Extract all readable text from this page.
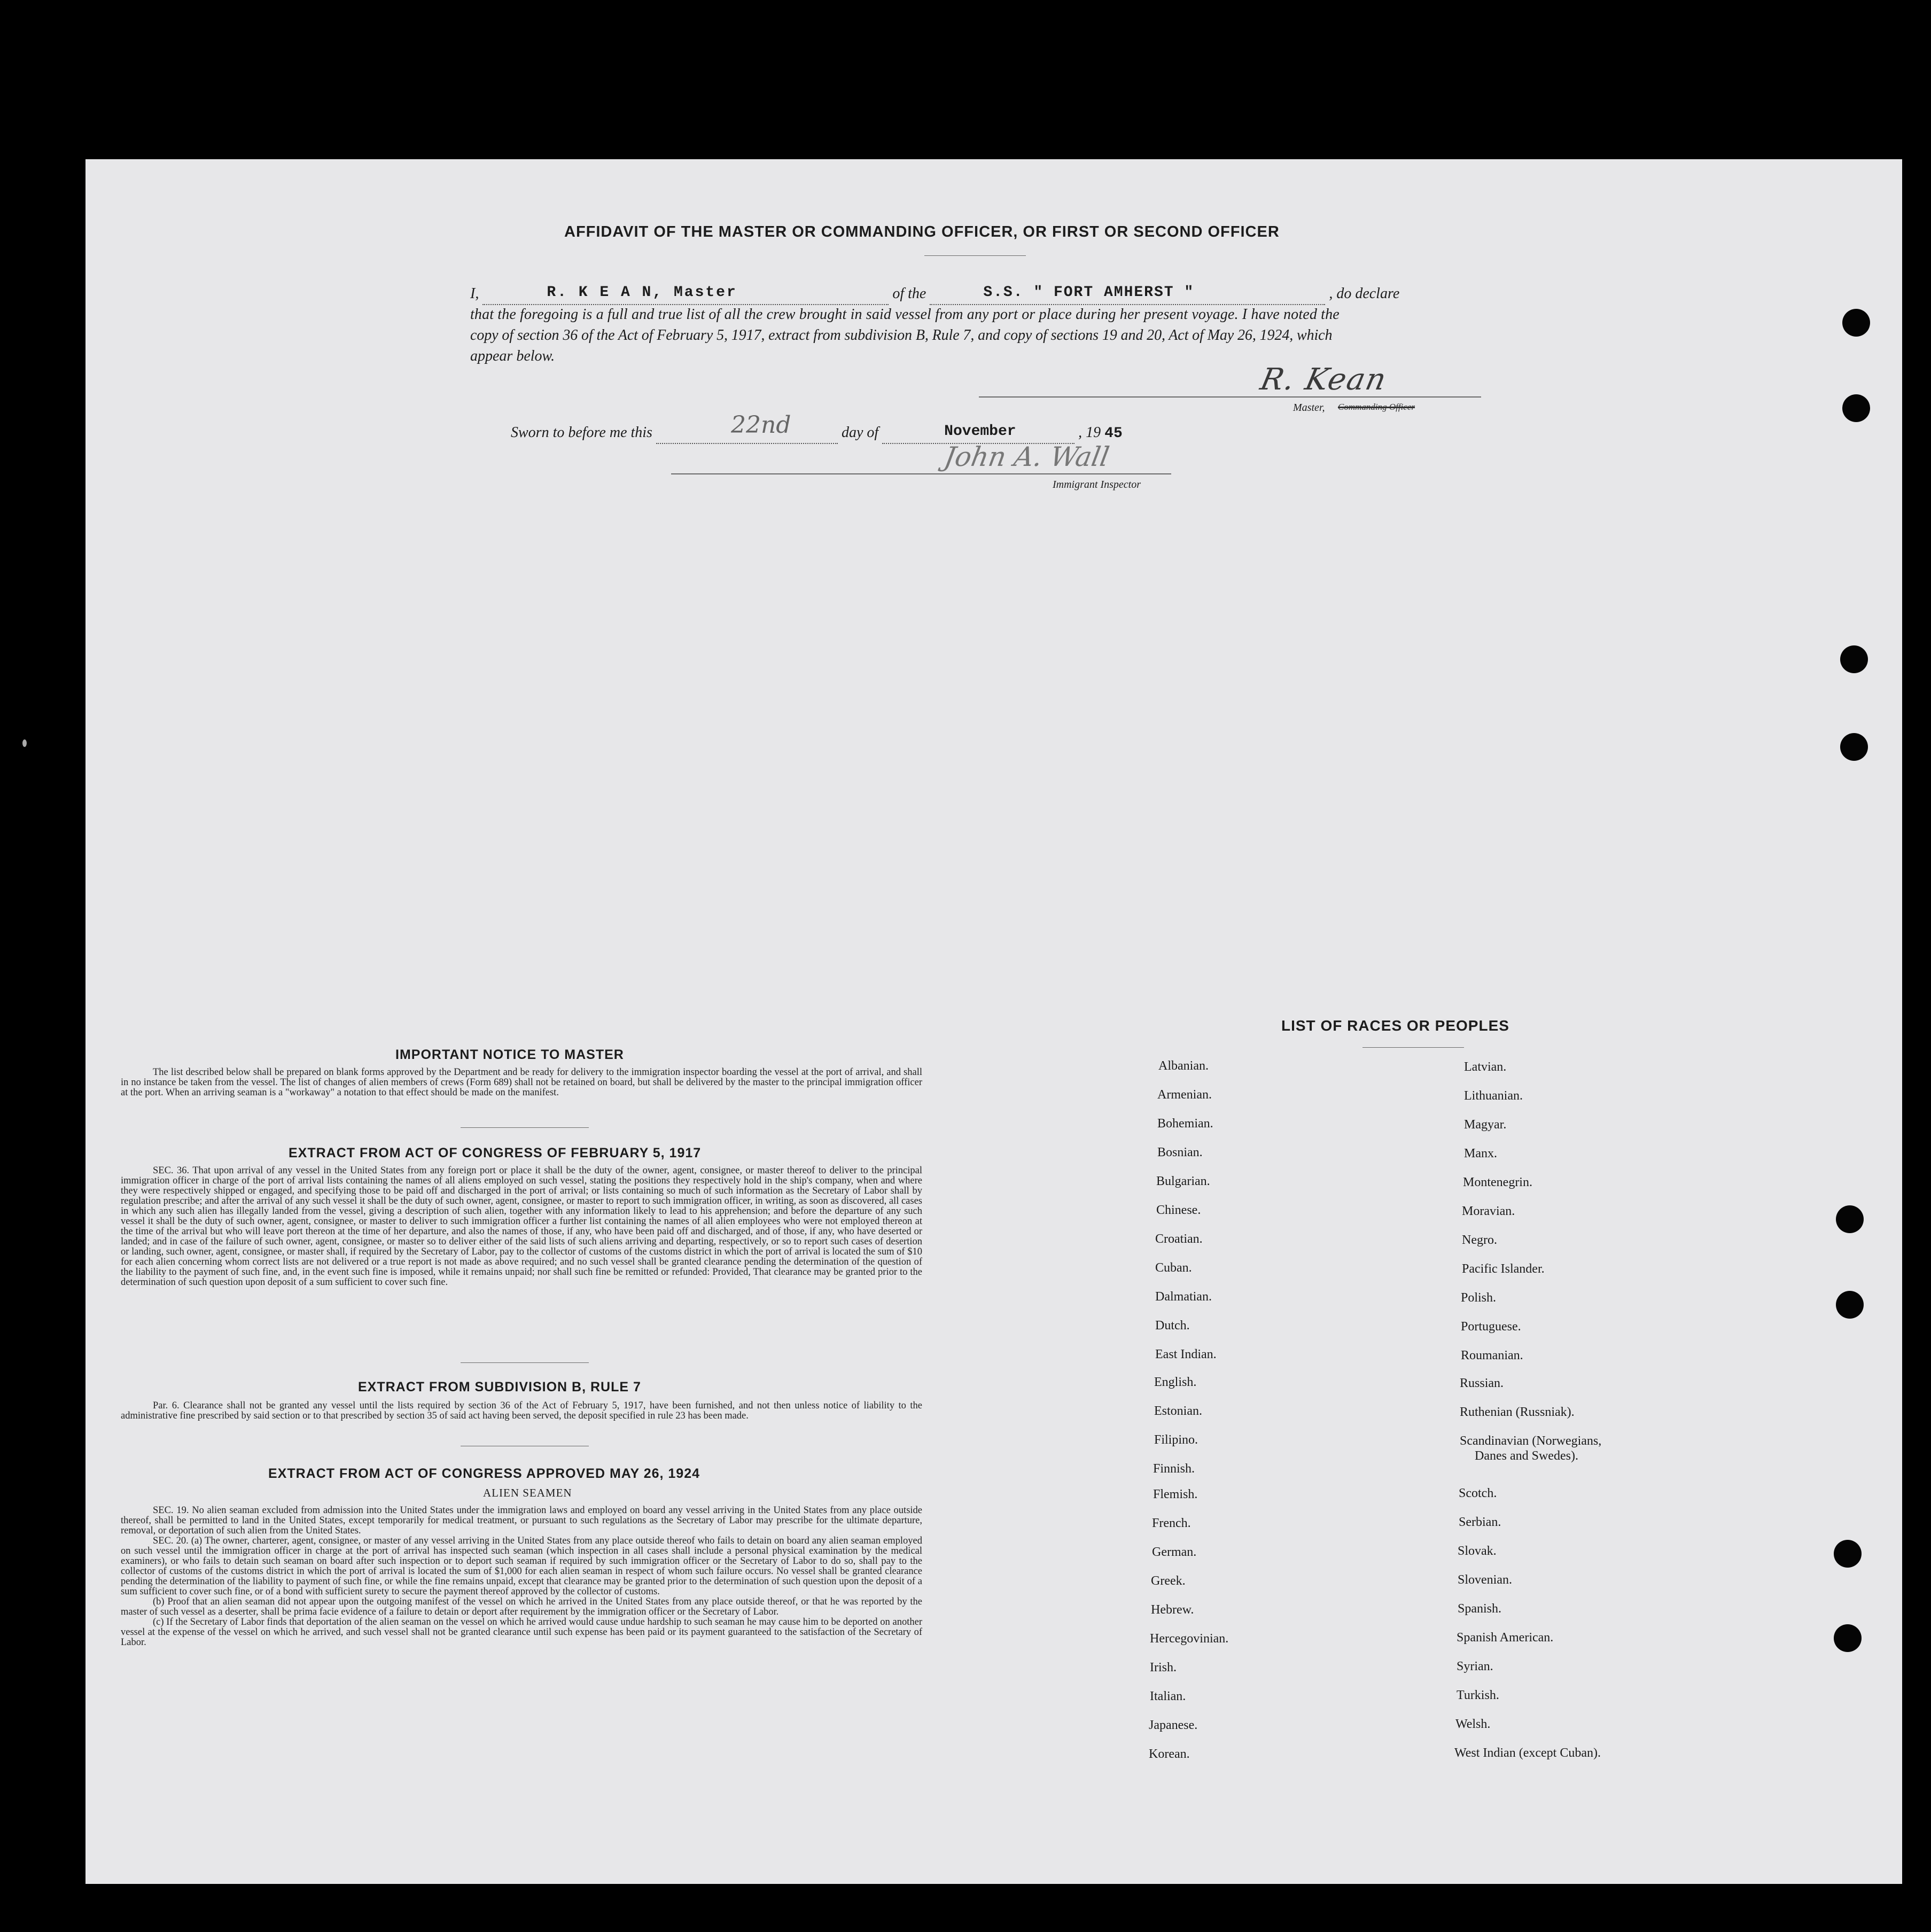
AFFIDAVIT OF THE MASTER OR COMMANDING OFFICER, OR FIRST OR SECOND OFFICER
I,	R. K E A N, Master	of the	S.S. " FORT AMHERST "	, do declare
that the foregoing is a full and true list of all the crew brought in said vessel from any port or place during her present voyage. I have noted the
copy of section 36 of the Act of February 5, 1917, extract from subdivision B, Rule 7, and copy of sections 19 and 20, Act of May 26, 1924, which
appear below.
R. Kean
Master, Commanding Officer
Sworn to before me this	22nd	day of	November	, 19 45
John A. Wall
Immigrant Inspector
IMPORTANT NOTICE TO MASTER

The list described below shall be prepared on blank forms approved by the Department and be ready for delivery to the immigration inspector boarding the vessel at the port of arrival, and shall in no instance be taken from the vessel. The list of changes of alien members of crews (Form 689) shall not be retained on board, but shall be delivered by the master to the principal immigration officer at the port. When an arriving seaman is a "workaway" a notation to that effect should be made on the manifest.

EXTRACT FROM ACT OF CONGRESS OF FEBRUARY 5, 1917

SEC. 36. That upon arrival of any vessel in the United States from any foreign port or place it shall be the duty of the owner, agent, consignee, or master thereof to deliver to the principal immigration officer in charge of the port of arrival lists containing the names of all aliens employed on such vessel, stating the positions they respectively hold in the ship's company, when and where they were respectively shipped or engaged, and specifying those to be paid off and discharged in the port of arrival; or lists containing so much of such information as the Secretary of Labor shall by regulation prescribe; and after the arrival of any such vessel it shall be the duty of such owner, agent, consignee, or master to report to such immigration officer, in writing, as soon as discovered, all cases in which any such alien has illegally landed from the vessel, giving a description of such alien, together with any information likely to lead to his apprehension; and before the departure of any such vessel it shall be the duty of such owner, agent, consignee, or master to deliver to such immigration officer a further list containing the names of all alien employees who were not employed thereon at the time of the arrival but who will leave port thereon at the time of her departure, and also the names of those, if any, who have been paid off and discharged, and of those, if any, who have deserted or landed; and in case of the failure of such owner, agent, consignee, or master so to deliver either of the said lists of such aliens arriving and departing, respectively, or so to report such cases of desertion or landing, such owner, agent, consignee, or master shall, if required by the Secretary of Labor, pay to the collector of customs of the customs district in which the port of arrival is located the sum of $10 for each alien concerning whom correct lists are not delivered or a true report is not made as above required; and no such vessel shall be granted clearance pending the determination of the question of the liability to the payment of such fine, and, in the event such fine is imposed, while it remains unpaid; nor shall such fine be remitted or refunded: Provided, That clearance may be granted prior to the determination of such question upon deposit of a sum sufficient to cover such fine.

EXTRACT FROM SUBDIVISION B, RULE 7

Par. 6. Clearance shall not be granted any vessel until the lists required by section 36 of the Act of February 5, 1917, have been furnished, and not then unless notice of liability to the administrative fine prescribed by said section or to that prescribed by section 35 of said act having been served, the deposit specified in rule 23 has been made.

EXTRACT FROM ACT OF CONGRESS APPROVED MAY 26, 1924
ALIEN SEAMEN

SEC. 19. No alien seaman excluded from admission into the United States under the immigration laws and employed on board any vessel arriving in the United States from any place outside thereof, shall be permitted to land in the United States, except temporarily for medical treatment, or pursuant to such regulations as the Secretary of Labor may prescribe for the ultimate departure, removal, or deportation of such alien from the United States.

SEC. 20. (a) The owner, charterer, agent, consignee, or master of any vessel arriving in the United States from any place outside thereof who fails to detain on board any alien seaman employed on such vessel until the immigration officer in charge at the port of arrival has inspected such seaman (which inspection in all cases shall include a personal physical examination by the medical examiners), or who fails to detain such seaman on board after such inspection or to deport such seaman if required by such immigration officer or the Secretary of Labor to do so, shall pay to the collector of customs of the customs district in which the port of arrival is located the sum of $1,000 for each alien seaman in respect of whom such failure occurs. No vessel shall be granted clearance pending the determination of the liability to payment of such fine, or while the fine remains unpaid, except that clearance may be granted prior to the determination of such question upon the deposit of a sum sufficient to cover such fine, or of a bond with sufficient surety to secure the payment thereof approved by the collector of customs.

(b) Proof that an alien seaman did not appear upon the outgoing manifest of the vessel on which he arrived in the United States from any place outside thereof, or that he was reported by the master of such vessel as a deserter, shall be prima facie evidence of a failure to detain or deport after requirement by the immigration officer or the Secretary of Labor.

(c) If the Secretary of Labor finds that deportation of the alien seaman on the vessel on which he arrived would cause undue hardship to such seaman he may cause him to be deported on another vessel at the expense of the vessel on which he arrived, and such vessel shall not be granted clearance until such expense has been paid or its payment guaranteed to the satisfaction of the Secretary of Labor.

LIST OF RACES OR PEOPLES
Albanian.
Armenian.
Bohemian.
Bosnian.
Bulgarian.
Chinese.
Croatian.
Cuban.
Dalmatian.
Dutch.
East Indian.
English.
Estonian.
Filipino.
Finnish.
Flemish.
French.
German.
Greek.
Hebrew.
Hercegovinian.
Irish.
Italian.
Japanese.
Korean.
Latvian.
Lithuanian.
Magyar.
Manx.
Montenegrin.
Moravian.
Negro.
Pacific Islander.
Polish.
Portuguese.
Roumanian.
Russian.
Ruthenian (Russniak).
Scandinavian (Norwegians,
Danes and Swedes).
Scotch.
Serbian.
Slovak.
Slovenian.
Spanish.
Spanish American.
Syrian.
Turkish.
Welsh.
West Indian (except Cuban).
